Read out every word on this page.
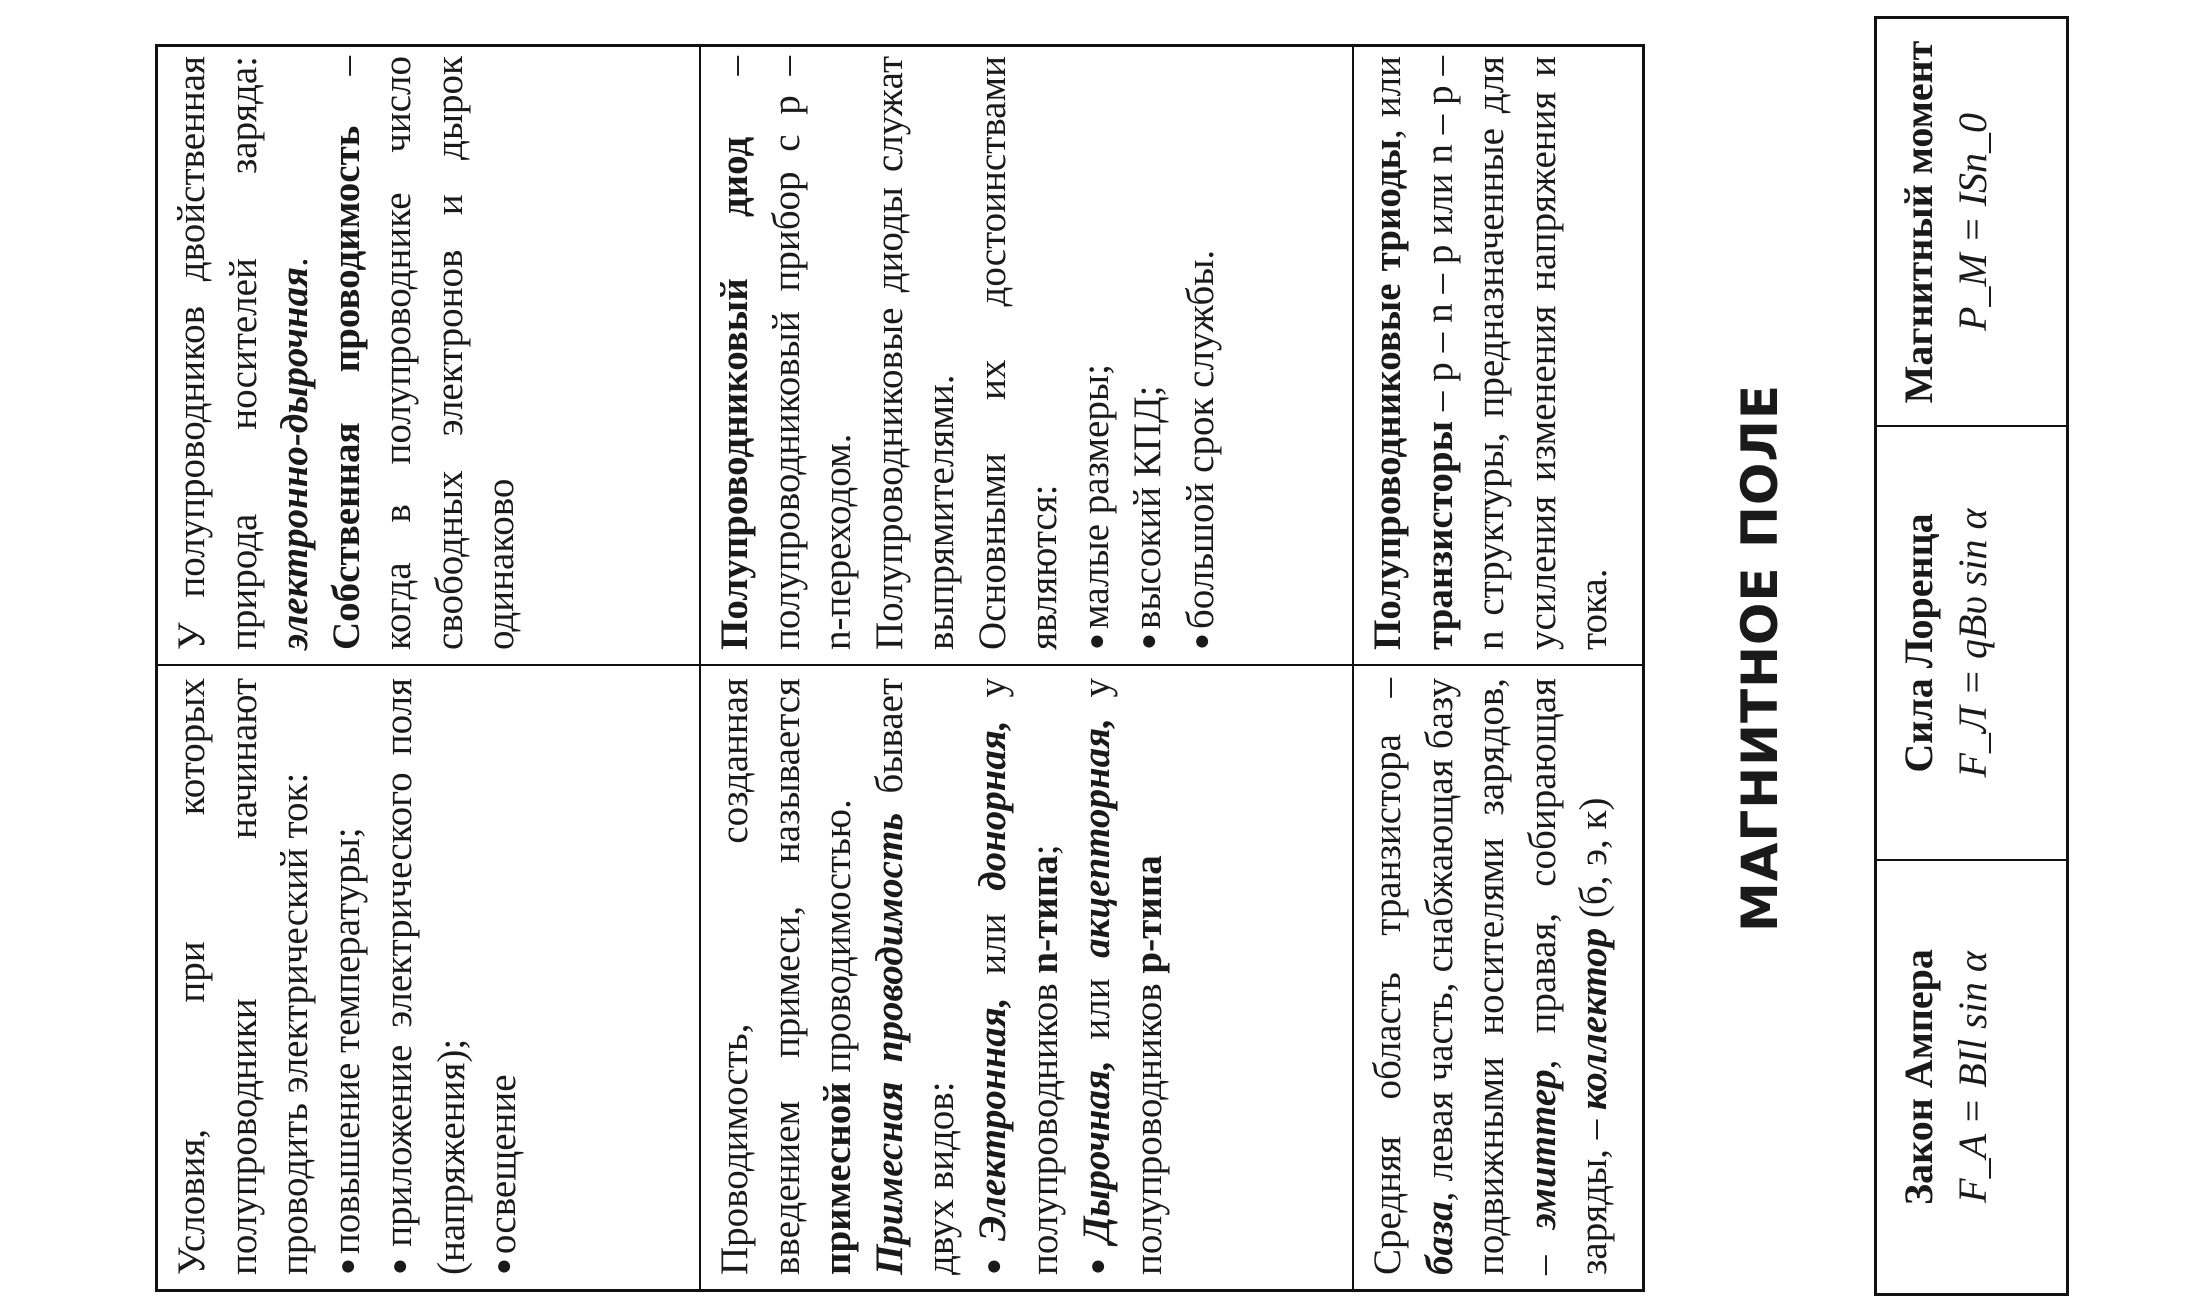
Условия, при которых полупроводники начинают проводить электрический ток: ● повышение температуры; ● приложение электрического поля (напряжения); ● освещение

У полупроводников двойственная природа носителей заряда: электронно-дырочная. Собственная проводимость – когда в полупроводнике число свободных электронов и дырок одинаково

Проводимость, созданная введением примеси, называется примесной проводимостью. Примесная проводимость бывает двух видов: ● Электронная, или донорная, у полупроводников n-типа;

● Дырочная, или акцепторная, у полупроводников p-типа

Полупроводниковый диод – полупроводниковый прибор с p – n-переходом. Полупроводниковые диоды служат выпрямителями. Основными их достоинствами являются: ● малые размеры; ● высокий КПД; ● большой срок службы.

Средняя область транзистора – база, левая часть, снабжающая базу подвижными носителями зарядов, – эмиттер, правая, собирающая заряды, – коллектор (б, э, к)

Полупроводниковые триоды, или транзисторы – p – n – p или n – p – n структуры, предназначенные для усиления изменения напряжения и тока. МАГНИТНОЕ ПОЛЕ
Закон Ампера F_A = BIl sin α
Сила Лоренца F_Л = qBυ sin α
Магнитный момент P_M = ISn_0
